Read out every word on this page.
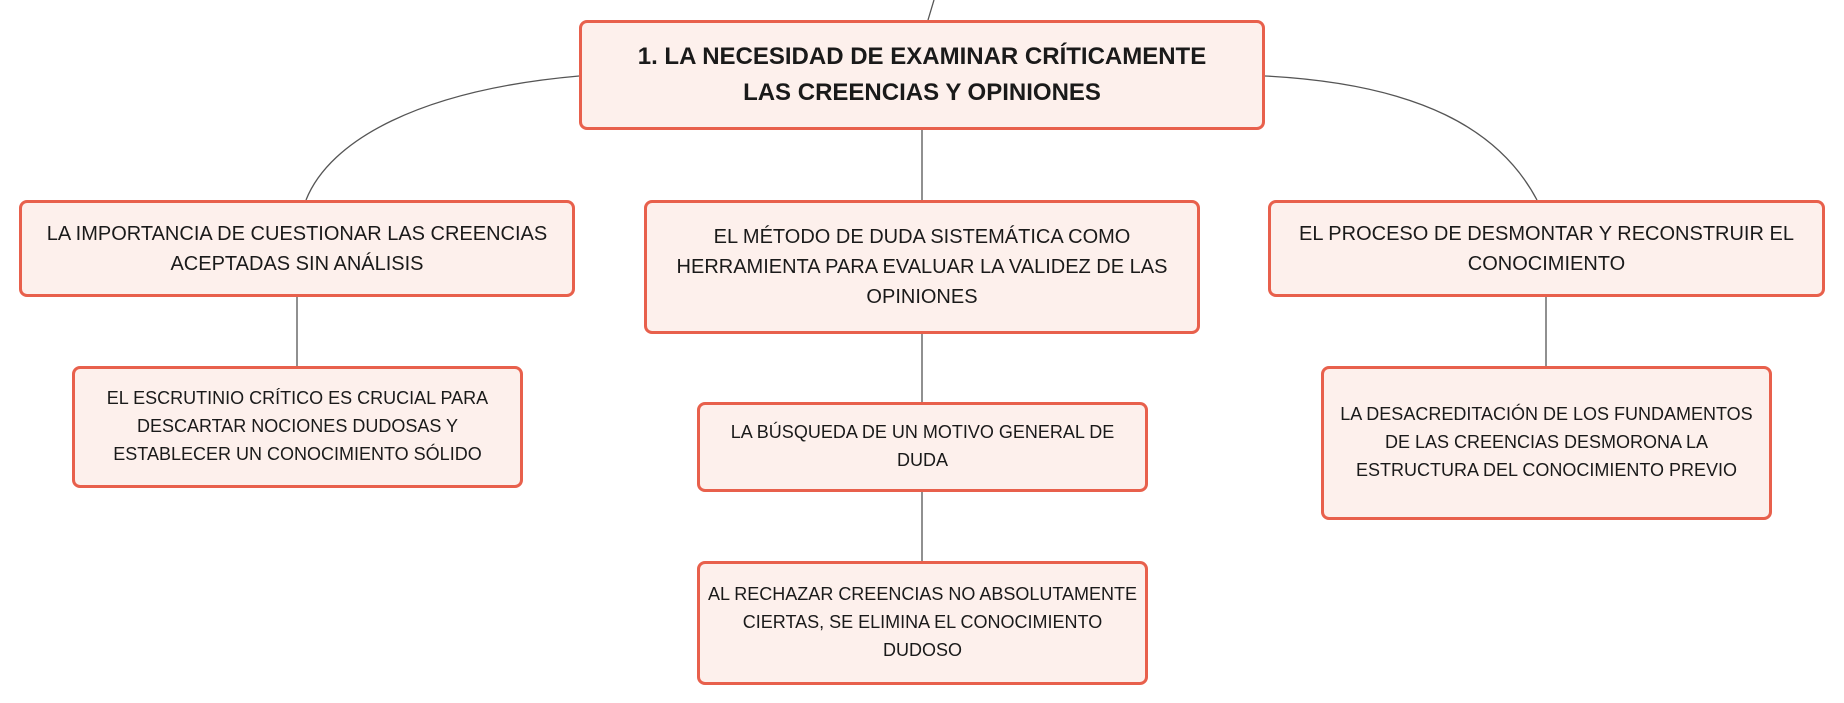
1. LA NECESIDAD DE EXAMINAR CRÍTICAMENTE LAS CREENCIAS Y OPINIONES
LA IMPORTANCIA DE CUESTIONAR LAS CREENCIAS ACEPTADAS SIN ANÁLISIS
EL MÉTODO DE DUDA SISTEMÁTICA COMO HERRAMIENTA PARA EVALUAR LA VALIDEZ DE LAS OPINIONES
EL PROCESO DE DESMONTAR Y RECONSTRUIR EL CONOCIMIENTO
EL ESCRUTINIO CRÍTICO ES CRUCIAL PARA DESCARTAR NOCIONES DUDOSAS Y ESTABLECER UN CONOCIMIENTO SÓLIDO
LA BÚSQUEDA DE UN MOTIVO GENERAL DE DUDA
AL RECHAZAR CREENCIAS NO ABSOLUTAMENTE CIERTAS, SE ELIMINA EL CONOCIMIENTO DUDOSO
LA DESACREDITACIÓN DE LOS FUNDAMENTOS DE LAS CREENCIAS DESMORONA LA ESTRUCTURA DEL CONOCIMIENTO PREVIO
